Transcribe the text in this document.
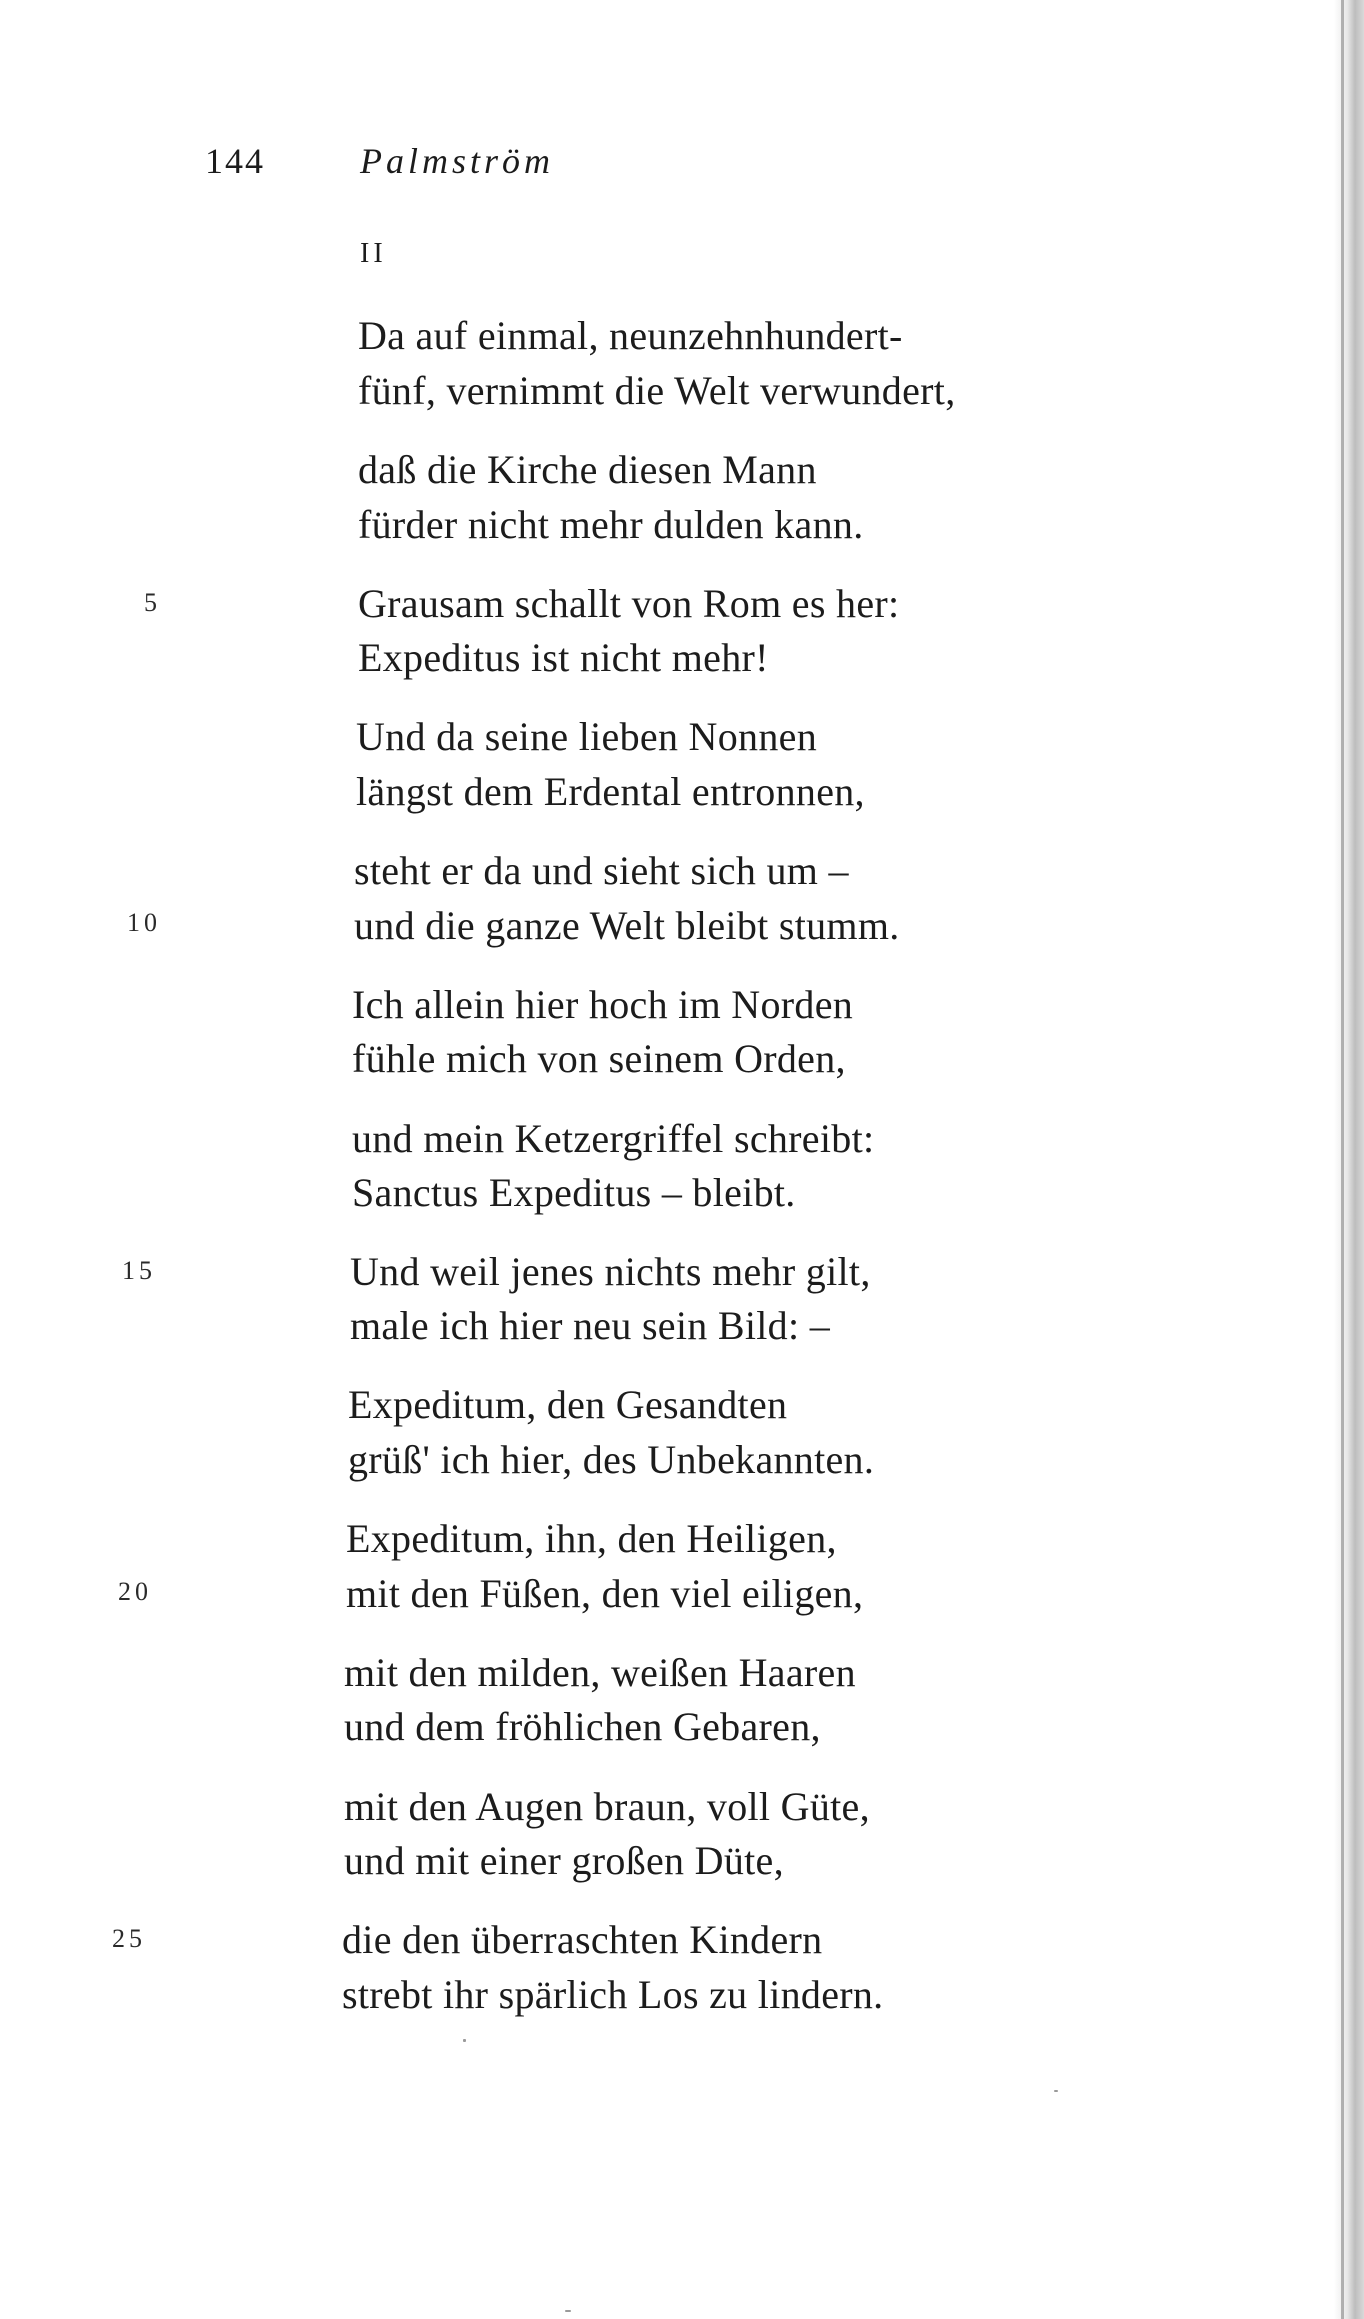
144	Palmström
II
Da auf einmal, neunzehnhundert-
fünf, vernimmt die Welt verwundert,
daß die Kirche diesen Mann
fürder nicht mehr dulden kann.
Grausam schallt von Rom es her:
Expeditus ist nicht mehr!
Und da seine lieben Nonnen
längst dem Erdental entronnen,
steht er da und sieht sich um –
und die ganze Welt bleibt stumm.
Ich allein hier hoch im Norden
fühle mich von seinem Orden,
und mein Ketzergriffel schreibt:
Sanctus Expeditus – bleibt.
Und weil jenes nichts mehr gilt,
male ich hier neu sein Bild: –
Expeditum, den Gesandten
grüß' ich hier, des Unbekannten.
Expeditum, ihn, den Heiligen,
mit den Füßen, den viel eiligen,
mit den milden, weißen Haaren
und dem fröhlichen Gebaren,
mit den Augen braun, voll Güte,
und mit einer großen Düte,
die den überraschten Kindern
strebt ihr spärlich Los zu lindern.
5
10
15
20
25
